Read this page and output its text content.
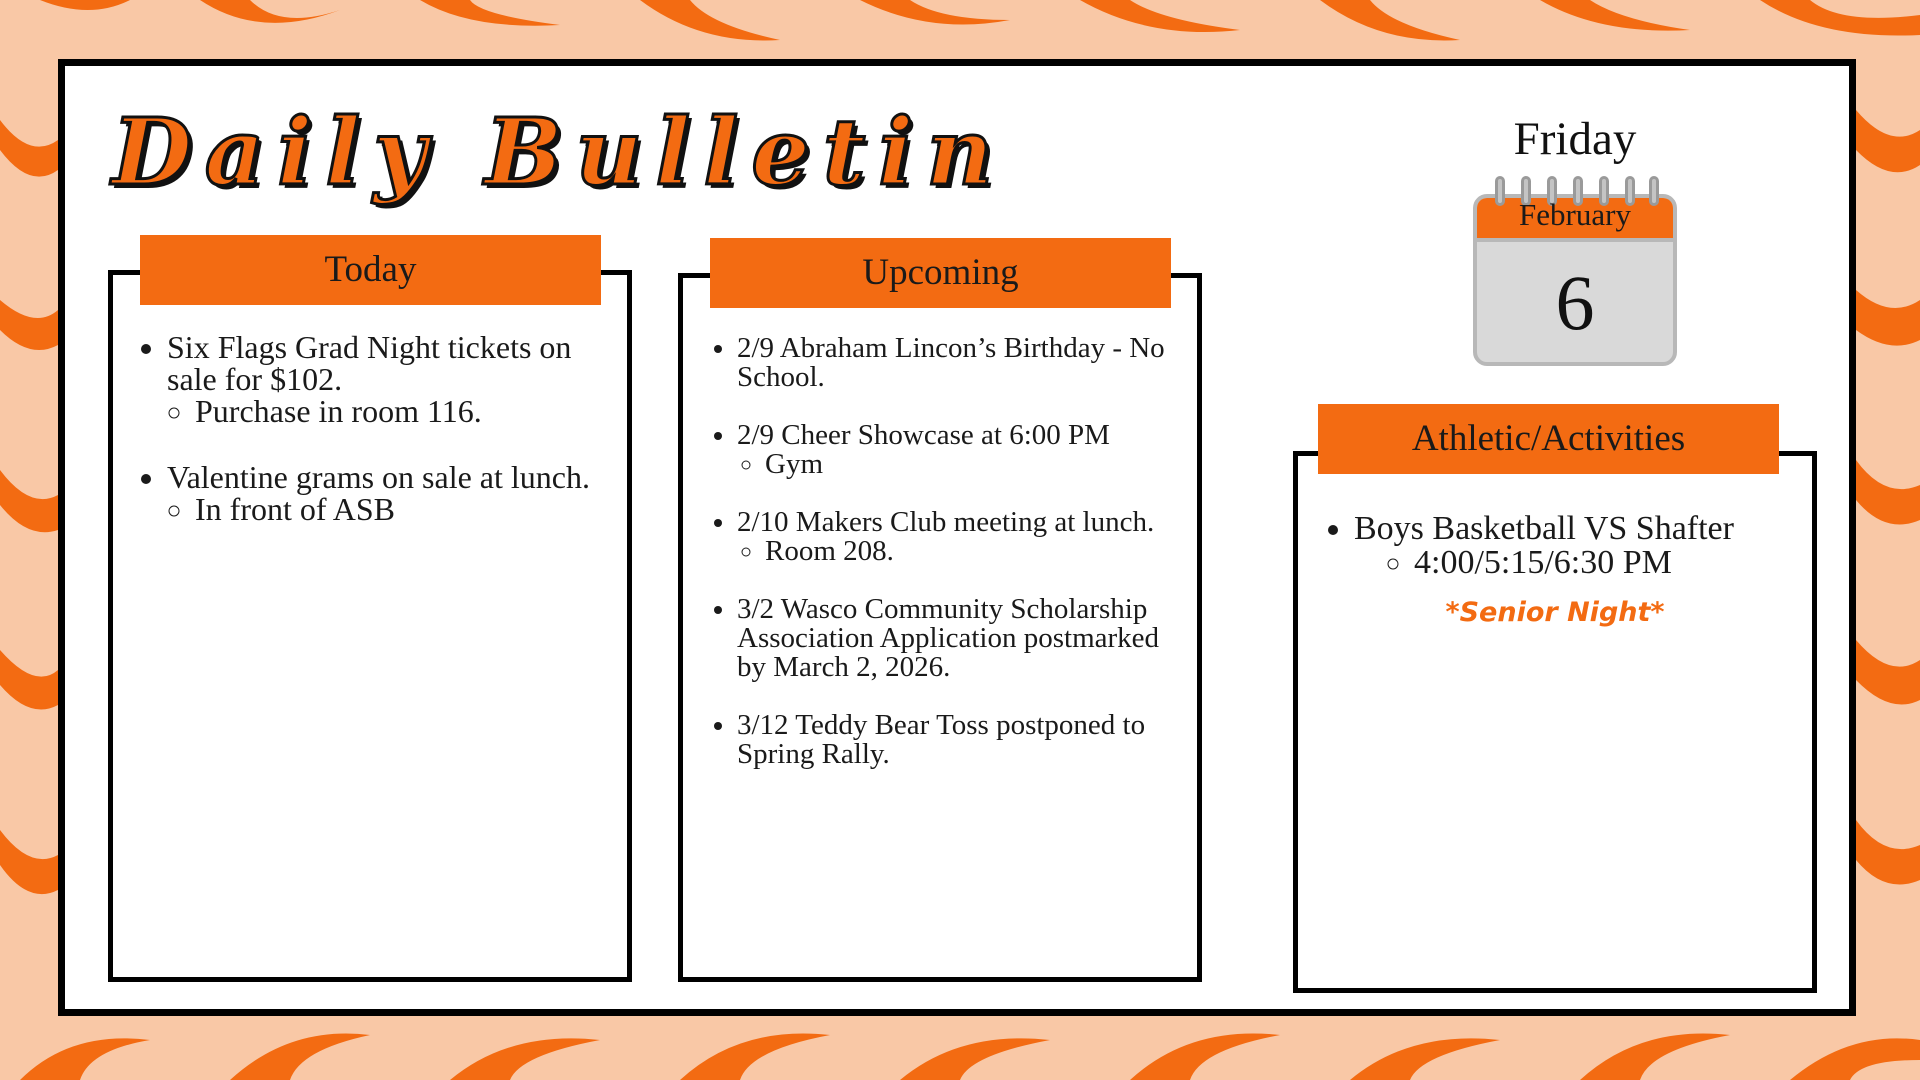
Daily Bulletin	Friday
February
6
• Six Flags Grad Night tickets on sale for $102.
◦ Purchase in room 116.
• Valentine grams on sale at lunch.
◦ In front of ASB
Today
• 2/9 Abraham Lincon’s Birthday - No School.
• 2/9 Cheer Showcase at 6:00 PM
◦ Gym
• 2/10 Makers Club meeting at lunch.
◦ Room 208.
• 3/2 Wasco Community Scholarship Association Application postmarked by March 2, 2026.
• 3/12 Teddy Bear Toss postponed to Spring Rally.
Upcoming
• Boys Basketball VS Shafter
◦ 4:00/5:15/6:30 PM
*Senior Night*
Athletic/Activities
